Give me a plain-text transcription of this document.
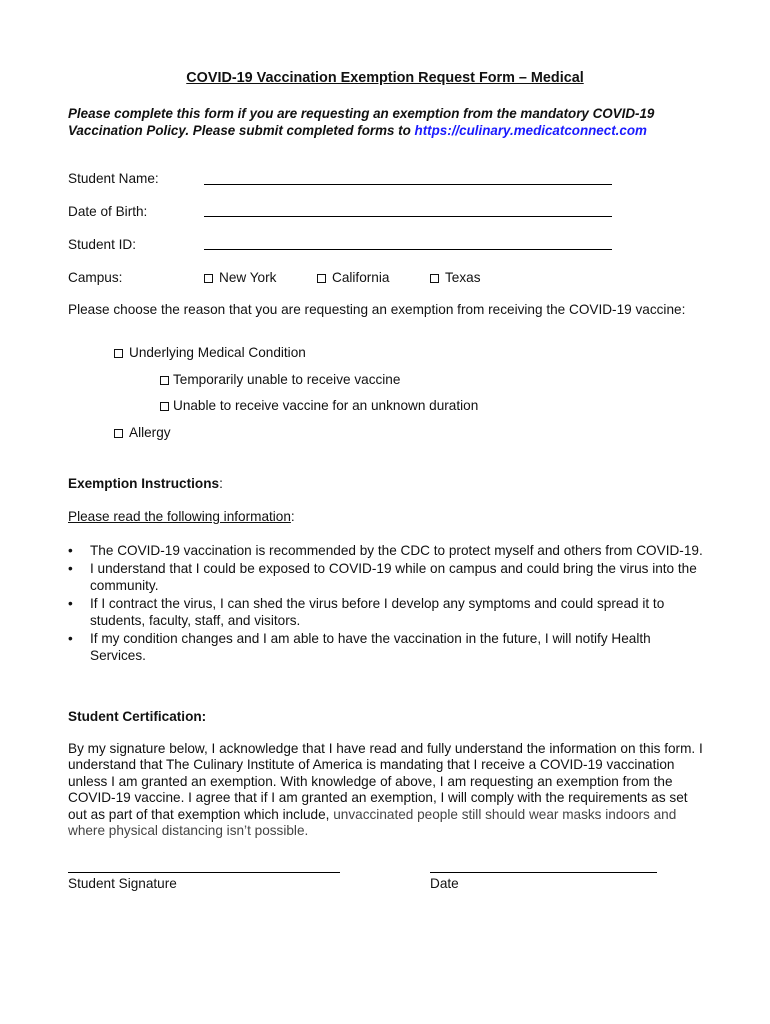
COVID-19 Vaccination Exemption Request Form – Medical
Please complete this form if you are requesting an exemption from the mandatory COVID-19 Vaccination Policy. Please submit completed forms to https://culinary.medicatconnect.com
Student Name:
Date of Birth:
Student ID:
Campus:	New York	California	Texas
Please choose the reason that you are requesting an exemption from receiving the COVID-19 vaccine:
Underlying Medical Condition
Temporarily unable to receive vaccine
Unable to receive vaccine for an unknown duration
Allergy
Exemption Instructions:
Please read the following information:
• The COVID-19 vaccination is recommended by the CDC to protect myself and others from COVID-19.
• I understand that I could be exposed to COVID-19 while on campus and could bring the virus into the community.
• If I contract the virus, I can shed the virus before I develop any symptoms and could spread it to students, faculty, staff, and visitors.
• If my condition changes and I am able to have the vaccination in the future, I will notify Health Services.
Student Certification:
By my signature below, I acknowledge that I have read and fully understand the information on this form. I understand that The Culinary Institute of America is mandating that I receive a COVID-19 vaccination unless I am granted an exemption. With knowledge of above, I am requesting an exemption from the COVID-19 vaccine. I agree that if I am granted an exemption, I will comply with the requirements as set out as part of that exemption which include, unvaccinated people still should wear masks indoors and where physical distancing isn’t possible.
Student Signature	Date
